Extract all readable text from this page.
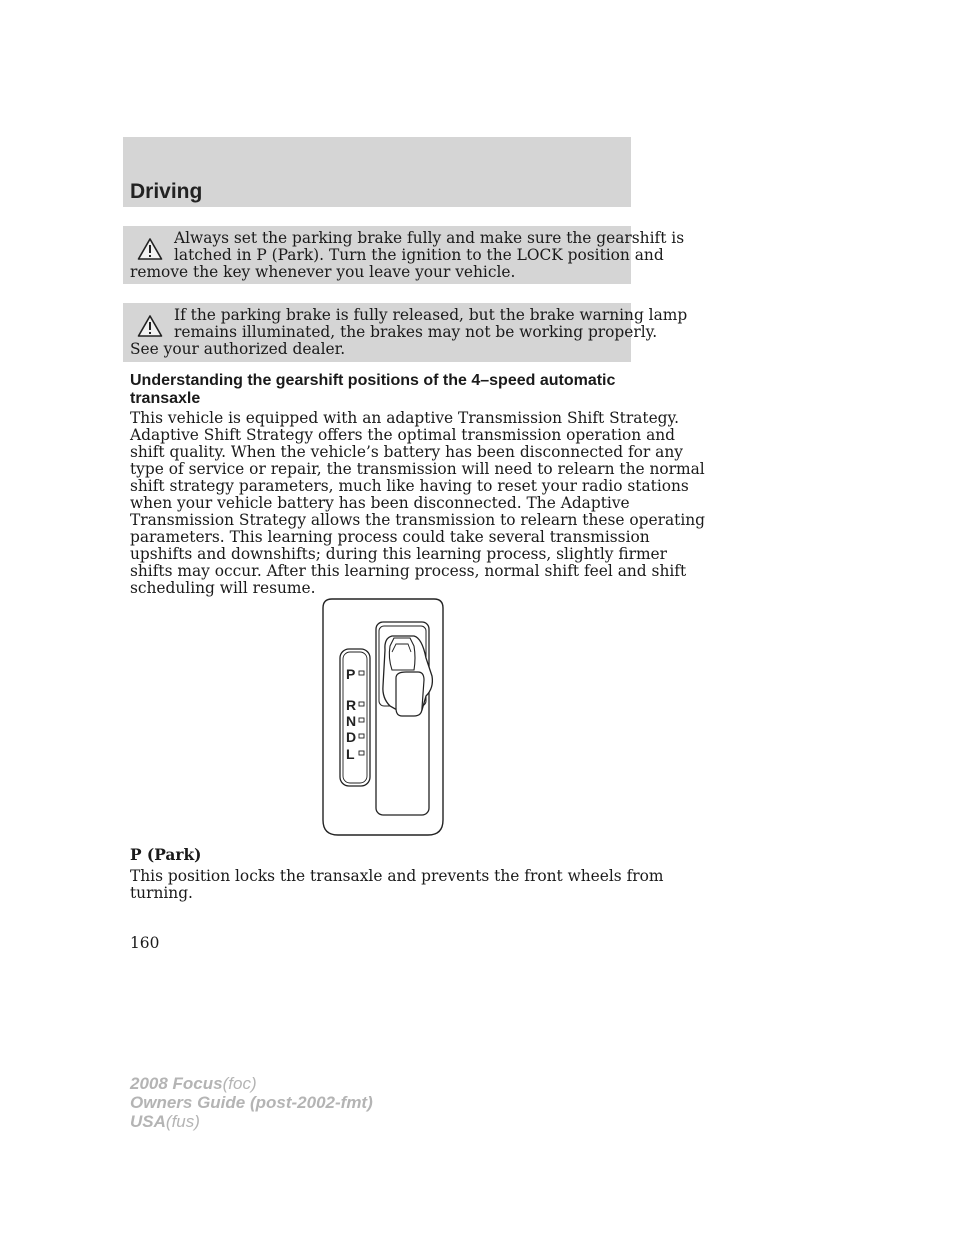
Driving
Always set the parking brake fully and make sure the gearshift is
latched in P (Park). Turn the ignition to the LOCK position and
remove the key whenever you leave your vehicle.
If the parking brake is fully released, but the brake warning lamp
remains illuminated, the brakes may not be working properly.
See your authorized dealer.
Understanding the gearshift positions of the 4–speed automatic transaxle
This vehicle is equipped with an adaptive Transmission Shift Strategy.
Adaptive Shift Strategy offers the optimal transmission operation and
shift quality. When the vehicle’s battery has been disconnected for any
type of service or repair, the transmission will need to relearn the normal
shift strategy parameters, much like having to reset your radio stations
when your vehicle battery has been disconnected. The Adaptive
Transmission Strategy allows the transmission to relearn these operating
parameters. This learning process could take several transmission
upshifts and downshifts; during this learning process, slightly firmer
shifts may occur. After this learning process, normal shift feel and shift
scheduling will resume.
P
R
N
D
L
P (Park)
This position locks the transaxle and prevents the front wheels from
turning.
160
2008 Focus(foc)
Owners Guide (post-2002-fmt)
USA(fus)
